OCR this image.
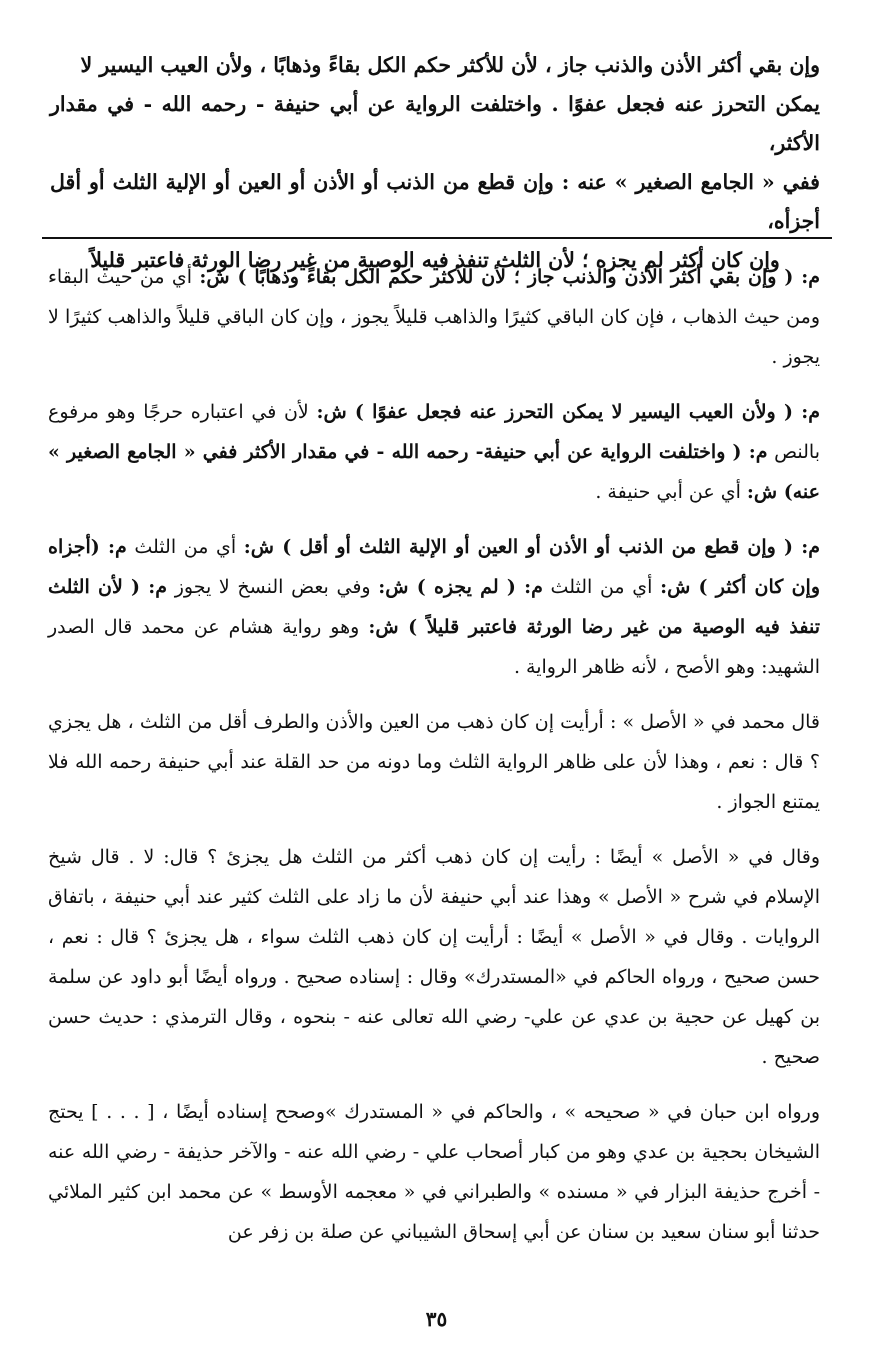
وإن بقي أكثر الأذن والذنب جاز ، لأن للأكثر حكم الكل بقاءً وذهابًا ، ولأن العيب اليسير لا

يمكن التحرز عنه فجعل عفوًا . واختلفت الرواية عن أبي حنيفة - رحمه الله - في مقدار الأكثر،

ففي « الجامع الصغير » عنه : وإن قطع من الذنب أو الأذن أو العين أو الإلية الثلث أو أقل أجزأه،

وإن كان أكثر لم يجزه ؛ لأن الثلث تنفذ فيه الوصية من غير رضا الورثة فاعتبر قليلاً

م: ( وإن بقي أكثر الأذن والذنب جاز ؛ لأن للأكثر حكم الكل بقاءً وذهابًا ) ش: أي من حيث البقاء ومن حيث الذهاب ، فإن كان الباقي كثيرًا والذاهب قليلاً يجوز ، وإن كان الباقي قليلاً والذاهب كثيرًا لا يجوز .

م: ( ولأن العيب اليسير لا يمكن التحرز عنه فجعل عفوًا ) ش: لأن في اعتباره حرجًا وهو مرفوع بالنص م: ( واختلفت الرواية عن أبي حنيفة- رحمه الله - في مقدار الأكثر ففي « الجامع الصغير » عنه) ش: أي عن أبي حنيفة .

م: ( وإن قطع من الذنب أو الأذن أو العين أو الإلية الثلث أو أقل ) ش: أي من الثلث م: (أجزاه وإن كان أكثر ) ش: أي من الثلث م: ( لم يجزه ) ش: وفي بعض النسخ لا يجوز م: ( لأن الثلث تنفذ فيه الوصية من غير رضا الورثة فاعتبر قليلاً ) ش: وهو رواية هشام عن محمد قال الصدر الشهيد: وهو الأصح ، لأنه ظاهر الرواية .

قال محمد في « الأصل » : أرأيت إن كان ذهب من العين والأذن والطرف أقل من الثلث ، هل يجزي ؟ قال : نعم ، وهذا لأن على ظاهر الرواية الثلث وما دونه من حد القلة عند أبي حنيفة رحمه الله فلا يمتنع الجواز .

وقال في « الأصل » أيضًا : رأيت إن كان ذهب أكثر من الثلث هل يجزئ ؟ قال: لا . قال شيخ الإسلام في شرح « الأصل » وهذا عند أبي حنيفة لأن ما زاد على الثلث كثير عند أبي حنيفة ، باتفاق الروايات . وقال في « الأصل » أيضًا : أرأيت إن كان ذهب الثلث سواء ، هل يجزئ ؟ قال : نعم ، حسن صحيح ، ورواه الحاكم في «المستدرك» وقال : إسناده صحيح . ورواه أيضًا أبو داود عن سلمة بن كهيل عن حجية بن عدي عن علي- رضي الله تعالى عنه - بنحوه ، وقال الترمذي : حديث حسن صحيح .

ورواه ابن حبان في « صحيحه » ، والحاكم في « المستدرك »وصحح إسناده أيضًا ، [ . . . ] يحتج الشيخان بحجية بن عدي وهو من كبار أصحاب علي - رضي الله عنه - والآخر حذيفة - رضي الله عنه - أخرج حذيفة البزار في « مسنده » والطبراني في « معجمه الأوسط » عن محمد ابن كثير الملائي حدثنا أبو سنان سعيد بن سنان عن أبي إسحاق الشيباني عن صلة بن زفر عن

٣٥
